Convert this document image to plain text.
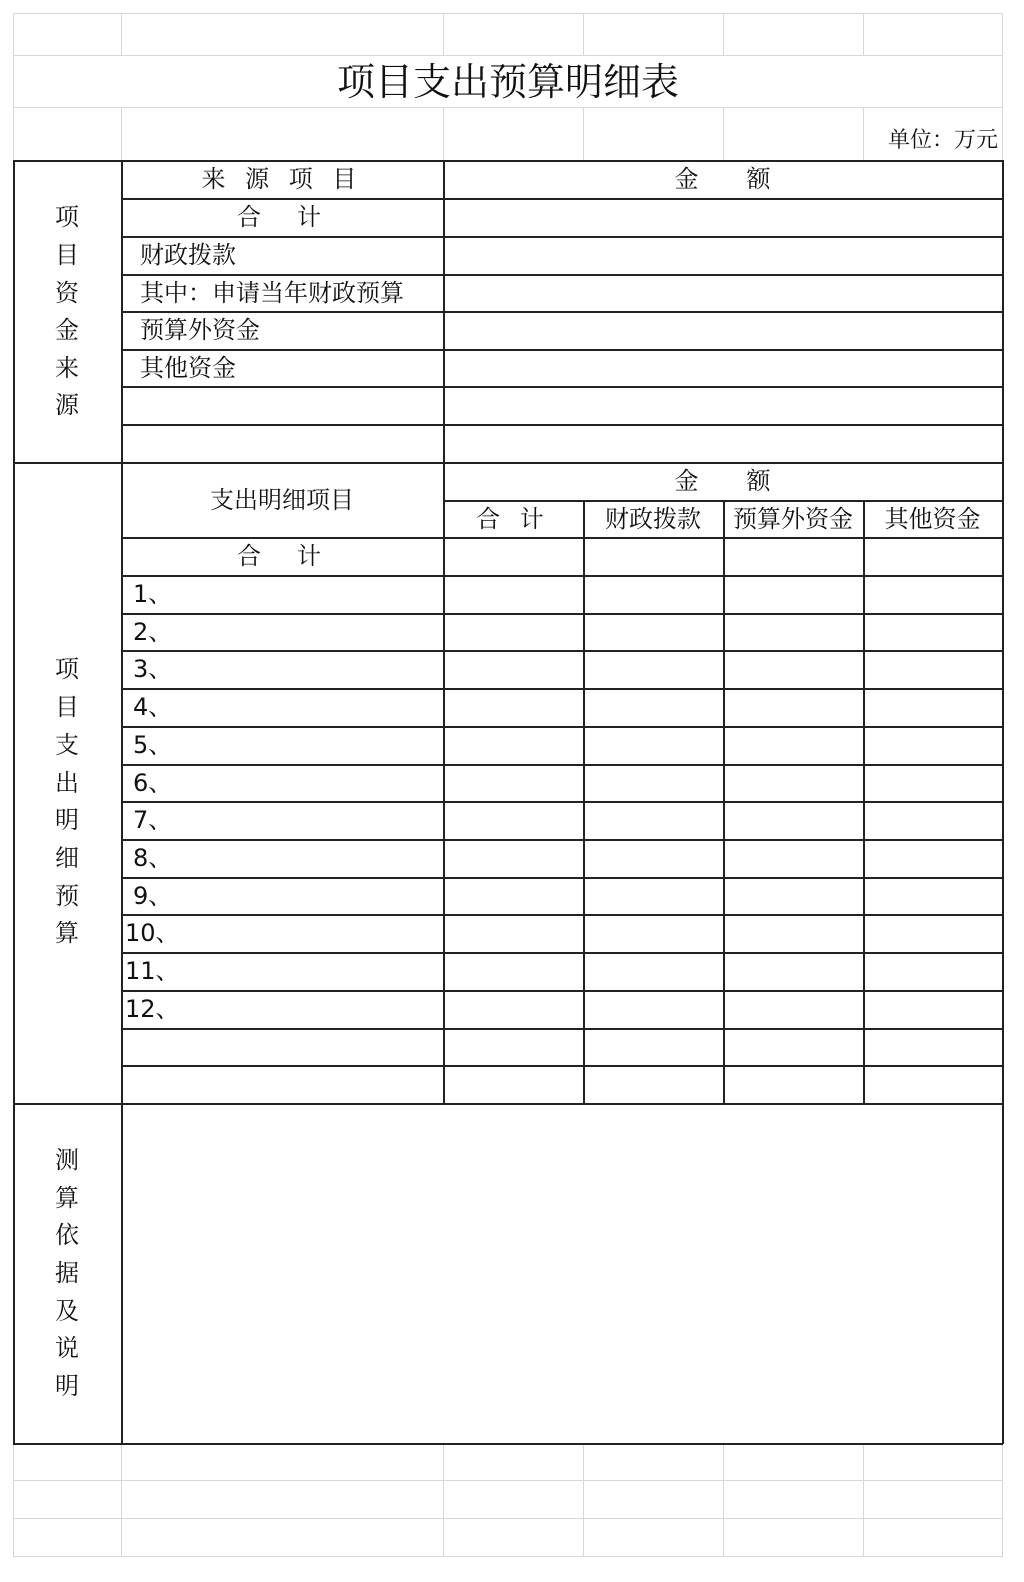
项目支出预算明细表
单位：万元
来 源 项 目	金　　额
合　计
财政拨款
其中：申请当年财政预算
预算外资金
其他资金
项
目
资
金
来
源
支出明细项目
金　　额
合 计	财政拨款	预算外资金	其他资金
合　计
1、
2、
3、
4、
5、
6、
7、
8、
9、
10、
11、
12、
项
目
支
出
明
细
预
算
测
算
依
据
及
说
明
